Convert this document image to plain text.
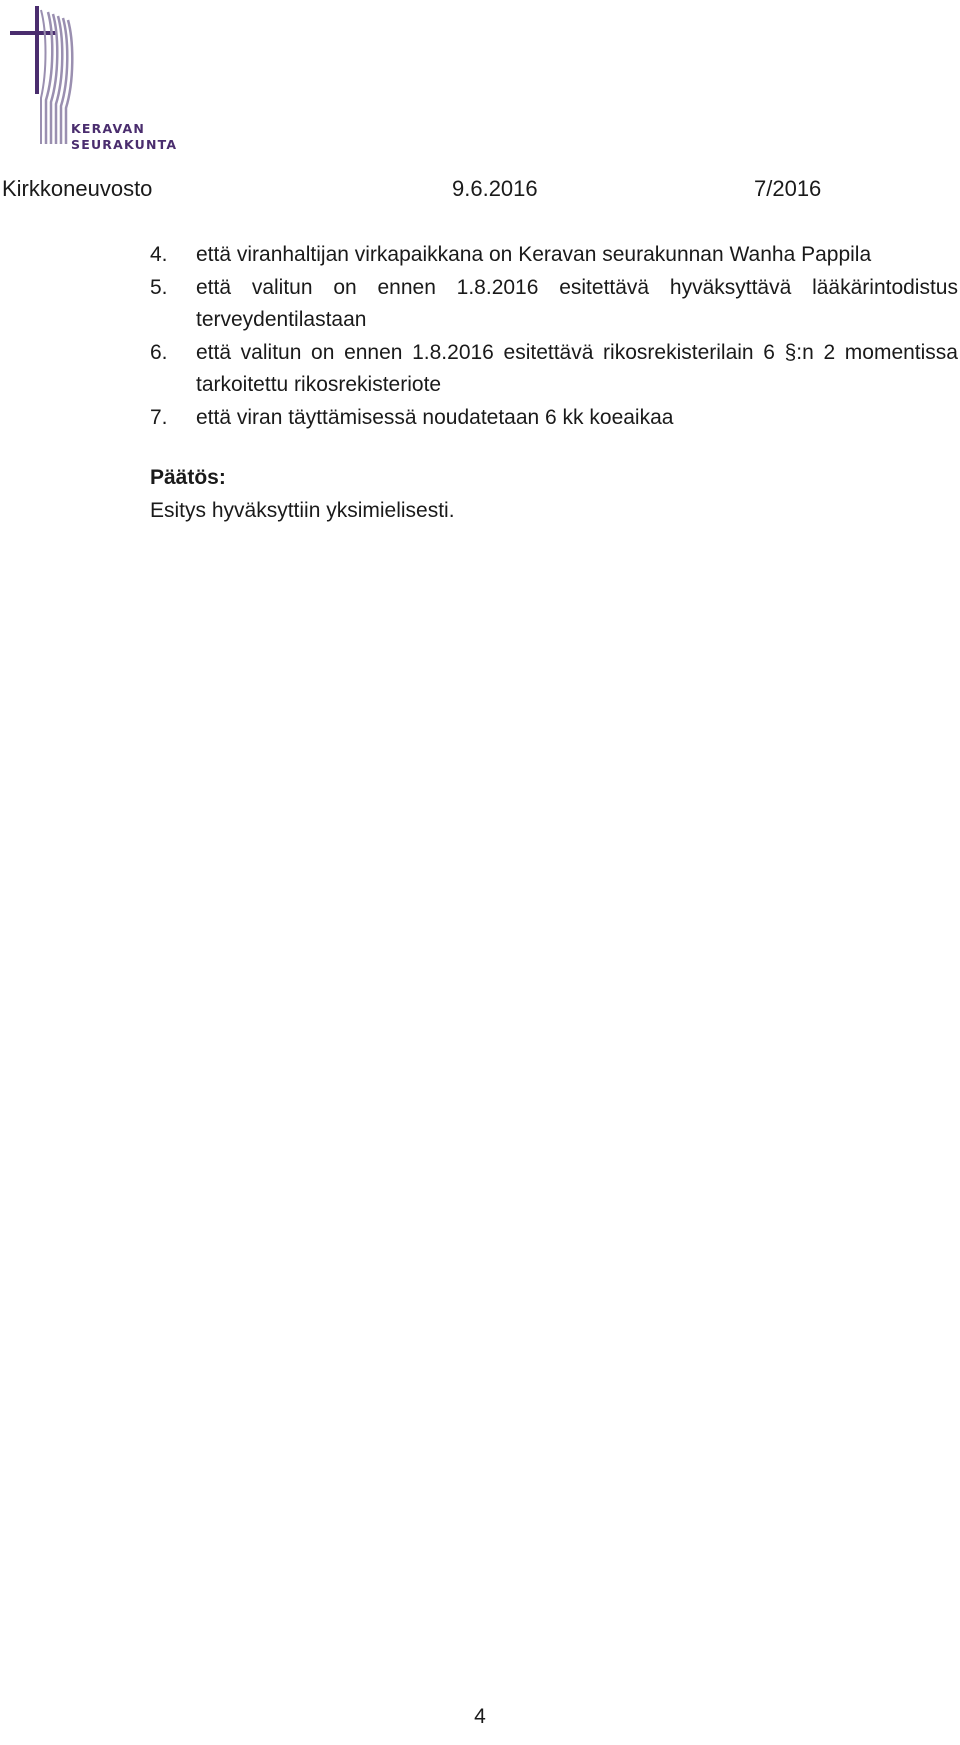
KERAVAN
SEURAKUNTA
Kirkkoneuvosto	9.6.2016	7/2016
4. että viranhaltijan virkapaikkana on Keravan seurakunnan Wanha Pappila
5. että valitun on ennen 1.8.2016 esitettävä hyväksyttävä lääkärintodistus terveydentilastaan
6. että valitun on ennen 1.8.2016 esitettävä rikosrekisterilain 6 §:n 2 momentissa tarkoitettu rikosrekisteriote
7. että viran täyttämisessä noudatetaan 6 kk koeaikaa
Päätös:
Esitys hyväksyttiin yksimielisesti.
4
